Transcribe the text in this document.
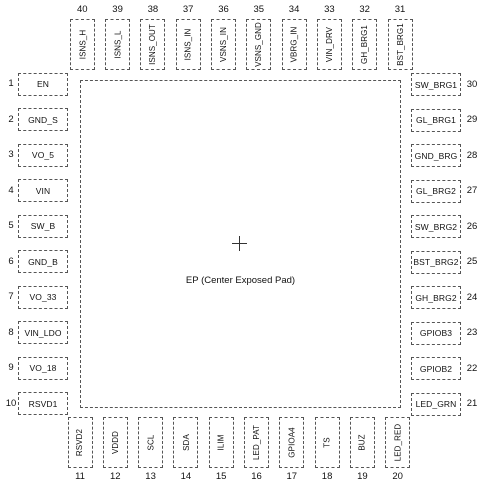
EP (Center Exposed Pad)
EN
1
GND_S
2
VO_5
3
VIN
4
SW_B
5
GND_B
6
VO_33
7
VIN_LDO
8
VO_18
9
RSVD1
10	LED_GRN	21
GPIOB2	22
GPIOB3	23
GH_BRG2	24
BST_BRG2 25
SW_BRG2	26
GL_BRG2	27
GND_BRG 28
GL_BRG1	29
SW_BRG1	30
RSVD2
11
VDDD
12
SCL
13
SDA
14
ILIM
15
LED_PAT
16
GPIOA4
17
TS
18
BUZ
19
LED_RED
20
BST_BRG1
31
GH_BRG1
32
VIN_DRV
33
VBRG_IN
34
VSNS_GND
35
VSNS_IN
36
ISNS_IN
37
ISNS_OUT
38
ISNS_L
39
ISNS_H
40
